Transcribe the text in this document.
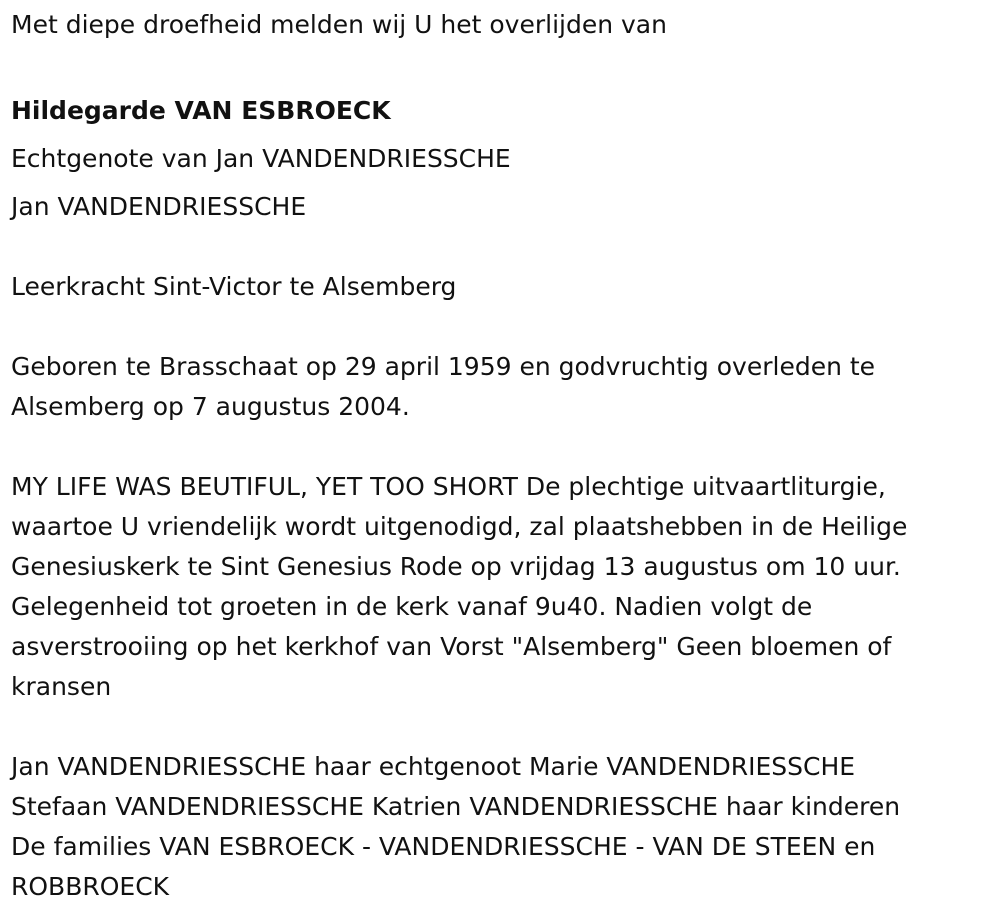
Met diepe droefheid melden wij U het overlijden van

Hildegarde VAN ESBROECK

Echtgenote van Jan VANDENDRIESSCHE

Jan VANDENDRIESSCHE

Leerkracht Sint-Victor te Alsemberg

Geboren te Brasschaat op 29 april 1959 en godvruchtig overleden te

Alsemberg op 7 augustus 2004.

MY LIFE WAS BEUTIFUL, YET TOO SHORT De plechtige uitvaartliturgie,

waartoe U vriendelijk wordt uitgenodigd, zal plaatshebben in de Heilige

Genesiuskerk te Sint Genesius Rode op vrijdag 13 augustus om 10 uur.

Gelegenheid tot groeten in de kerk vanaf 9u40. Nadien volgt de

asverstrooiing op het kerkhof van Vorst "Alsemberg" Geen bloemen of

kransen

Jan VANDENDRIESSCHE haar echtgenoot Marie VANDENDRIESSCHE

Stefaan VANDENDRIESSCHE Katrien VANDENDRIESSCHE haar kinderen

De families VAN ESBROECK - VANDENDRIESSCHE - VAN DE STEEN en

ROBBROECK
